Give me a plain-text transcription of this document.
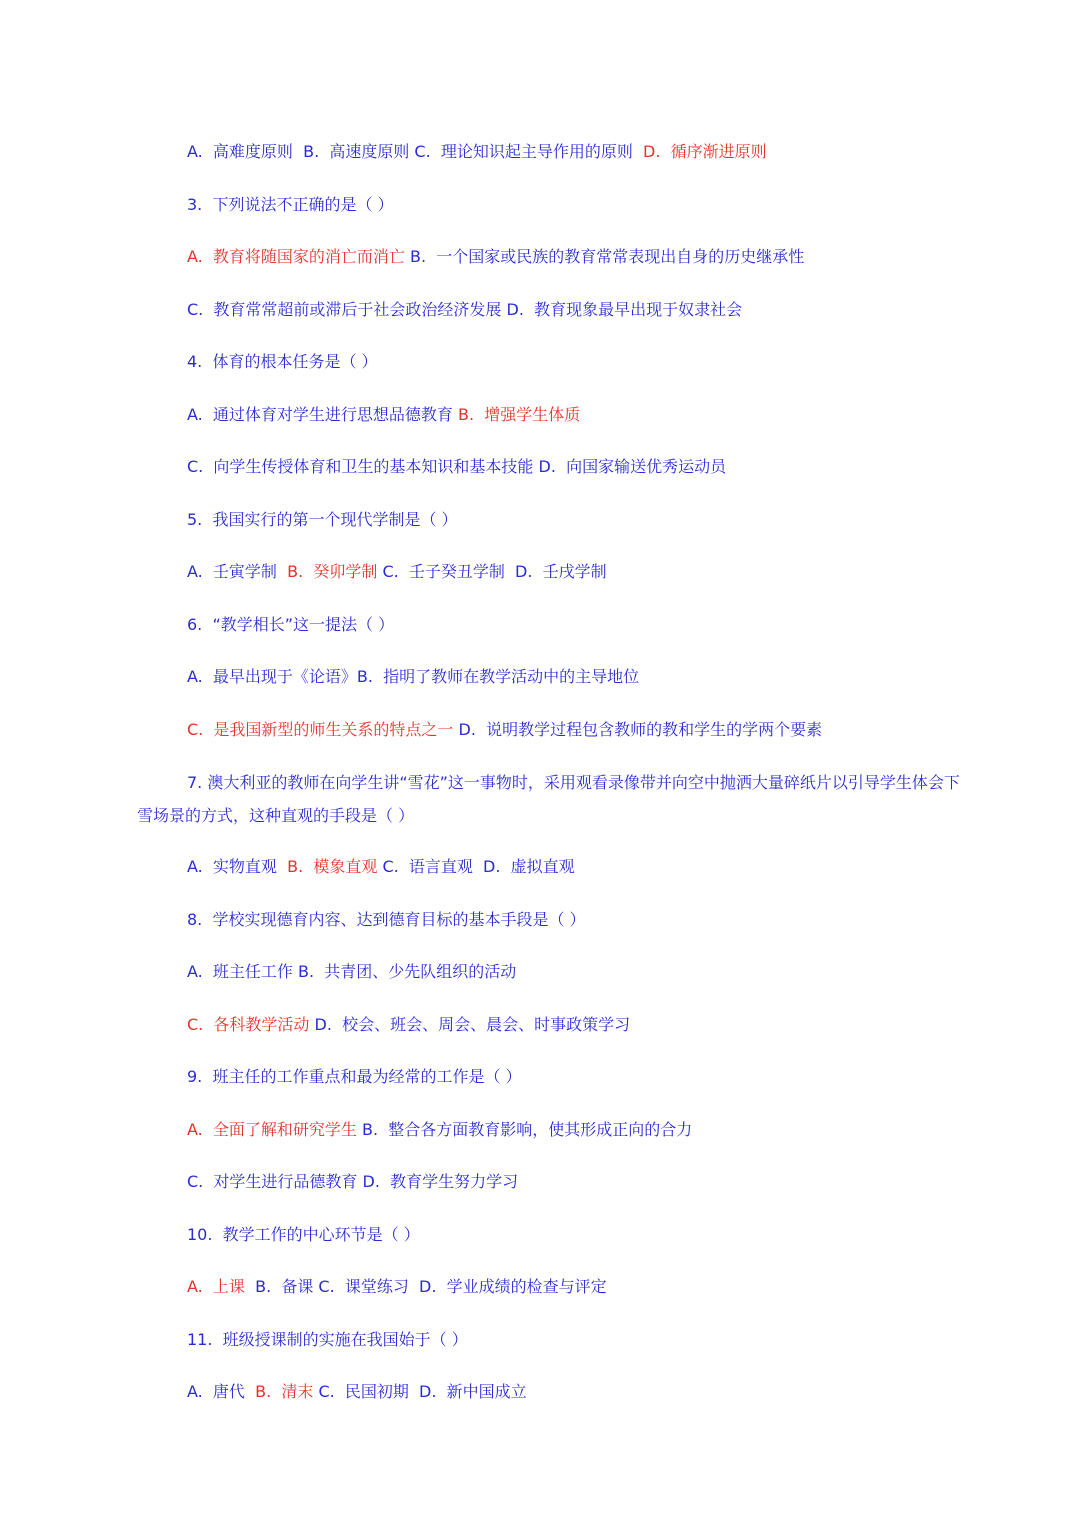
A.  高难度原则  B.  高速度原则 C.  理论知识起主导作用的原则  D.  循序渐进原则
3.  下列说法不正确的是（ ）
A.  教育将随国家的消亡而消亡 B.  一个国家或民族的教育常常表现出自身的历史继承性
C.  教育常常超前或滞后于社会政治经济发展 D.  教育现象最早出现于奴隶社会
4.  体育的根本任务是（ ）
A.  通过体育对学生进行思想品德教育 B.  增强学生体质
C.  向学生传授体育和卫生的基本知识和基本技能 D.  向国家输送优秀运动员
5.  我国实行的第一个现代学制是（ ）
A.  壬寅学制  B.  癸卯学制 C.  壬子癸丑学制  D.  壬戌学制
6.  “教学相长”这一提法（ ）
A.  最早出现于《论语》B.  指明了教师在教学活动中的主导地位
C.  是我国新型的师生关系的特点之一 D.  说明教学过程包含教师的教和学生的学两个要素
7. 澳大利亚的教师在向学生讲“雪花”这一事物时，采用观看录像带并向空中抛洒大量碎纸片以引导学生体会下雪场景的方式，这种直观的手段是（ ）
A.  实物直观  B.  模象直观 C.  语言直观  D.  虚拟直观
8.  学校实现德育内容、达到德育目标的基本手段是（ ）
A.  班主任工作 B.  共青团、少先队组织的活动
C.  各科教学活动 D.  校会、班会、周会、晨会、时事政策学习
9.  班主任的工作重点和最为经常的工作是（ ）
A.  全面了解和研究学生 B.  整合各方面教育影响，使其形成正向的合力
C.  对学生进行品德教育 D.  教育学生努力学习
10.  教学工作的中心环节是（ ）
A.  上课  B.  备课 C.  课堂练习  D.  学业成绩的检查与评定
11.  班级授课制的实施在我国始于（ ）
A.  唐代  B.  清末 C.  民国初期  D.  新中国成立
